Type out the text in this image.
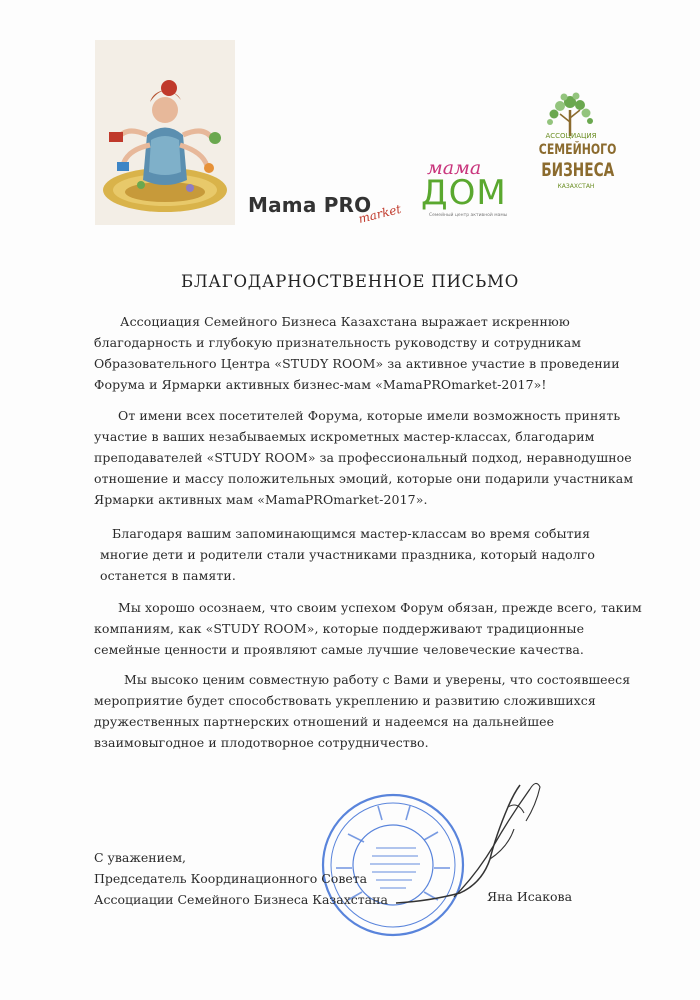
Mama PRO
market
мама
ДОМ
Семейный центр активной мамы
АССОЦИАЦИЯ
СЕМЕЙНОГО
БИЗНЕСА
КАЗАХСТАН
БЛАГОДАРНОСТВЕННОЕ ПИСЬМО
Ассоциация Семейного Бизнеса Казахстана выражает искреннюю
благодарность и глубокую признательность руководству и сотрудникам
Образовательного Центра «STUDY ROOM» за активное участие в проведении
Форума и Ярмарки активных бизнес-мам «MamaPROmarket-2017»!
От имени всех посетителей Форума, которые имели возможность принять
участие в ваших незабываемых искрометных мастер-классах, благодарим
преподавателей «STUDY ROOM» за профессиональный подход, неравнодушное
отношение и массу положительных эмоций, которые они подарили участникам
Ярмарки активных мам «MamaPROmarket-2017».
Благодаря вашим запоминающимся мастер-классам во время события
многие дети и родители стали участниками праздника, который надолго
останется в памяти.
Мы хорошо осознаем, что своим успехом Форум обязан, прежде всего, таким
компаниям, как «STUDY ROOM», которые поддерживают традиционные
семейные ценности и проявляют самые лучшие человеческие качества.
Мы высоко ценим совместную работу с Вами и уверены, что состоявшееся
мероприятие будет способствовать укреплению и развитию сложившихся
дружественных партнерских отношений и надеемся на дальнейшее
взаимовыгодное и плодотворное сотрудничество.
С уважением,
Председатель Координационного Совета
Ассоциации Семейного Бизнеса Казахстана	Яна Исакова
